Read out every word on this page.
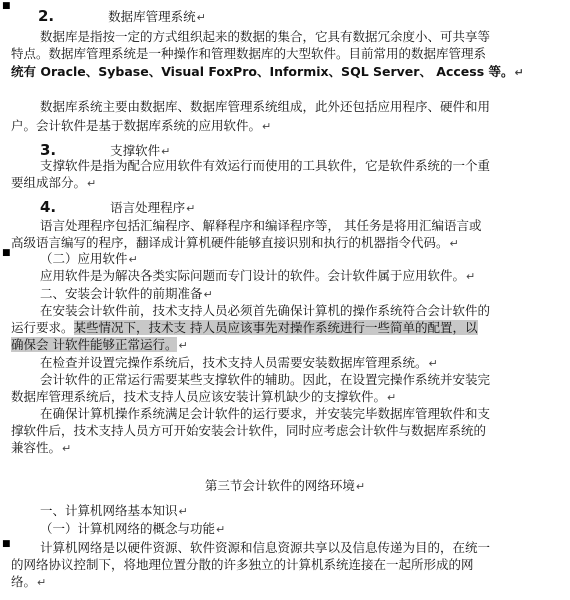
■
2.	数据库管理系统↵
数据库是指按一定的方式组织起来的数据的集合，它具有数据冗余度小、可共享等
特点。数据库管理系统是一种操作和管理数据库的大型软件。目前常用的数据库管理系
统有 Oracle、Sybase、Visual FoxPro、Informix、SQL Server、 Access 等。↵
数据库系统主要由数据库、数据库管理系统组成，此外还包括应用程序、硬件和用
户。会计软件是基于数据库系统的应用软件。↵
3.	支撑软件↵
支撑软件是指为配合应用软件有效运行而使用的工具软件，它是软件系统的一个重
要组成部分。↵
4.	语言处理程序↵
语言处理程序包括汇编程序、解释程序和编译程序等， 其任务是将用汇编语言或
高级语言编写的程序，翻译成计算机硬件能够直接识别和执行的机器指令代码。↵
■ （二）应用软件↵
应用软件是为解决各类实际问题而专门设计的软件。会计软件属于应用软件。↵
二、安装会计软件的前期准备↵
在安装会计软件前，技术支持人员必须首先确保计算机的操作系统符合会计软件的
运行要求。某些情况下，技术支 持人员应该事先对操作系统进行一些简单的配置，以
确保会 计软件能够正常运行。↵
在检查并设置完操作系统后，技术支持人员需要安装数据库管理系统。↵
会计软件的正常运行需要某些支撑软件的辅助。因此，在设置完操作系统并安装完
数据库管理系统后，技术支持人员应该安装计算机缺少的支撑软件。↵
在确保计算机操作系统满足会计软件的运行要求，并安装完毕数据库管理软件和支
撑软件后，技术支持人员方可开始安装会计软件，同时应考虑会计软件与数据库系统的
兼容性。↵
第三节会计软件的网络环境↵
一、计算机网络基本知识↵
（一）计算机网络的概念与功能↵
■ 计算机网络是以硬件资源、软件资源和信息资源共享以及信息传递为目的，在统一
的网络协议控制下，将地理位置分散的许多独立的计算机系统连接在一起所形成的网
络。↵
